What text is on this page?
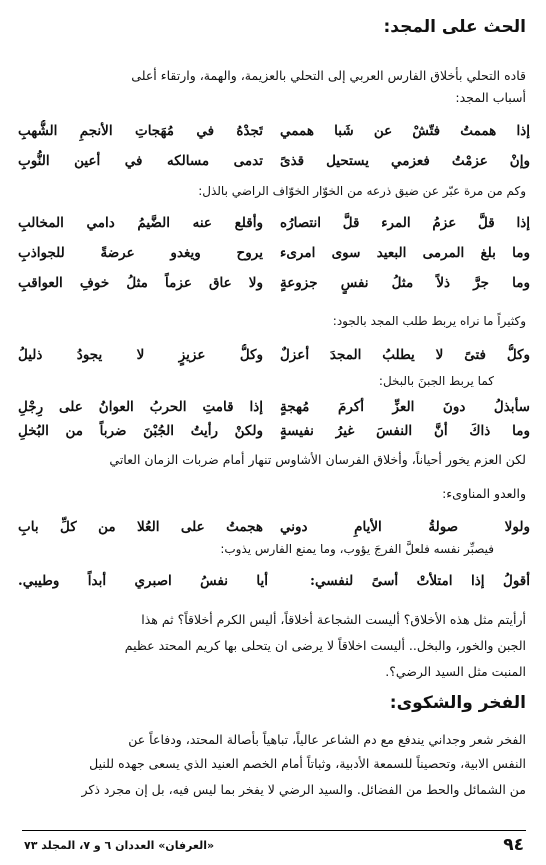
الحث على المجد:
قاده التحلي بأخلاق الفارس العربي إلى التحلي بالعزيمة، والهمة، وارتقاء أعلى
أسباب المجد:
إذا هممتُ فتّشْ عن شَبا هممي
تَجدْهُ في مُهَجاتِ الأنجمِ الشُّهبِ
وإنْ عزمْتُ فعزمي يستحيل قذىً
تدمى مسالكه في أعين النُّوبِ
وكم من مرة عبّر عن ضيق ذرعه من الخوّار الخوّاف الراضي بالذل:
إذا قلَّ عزمُ المرء قلَّ انتصارُه
وأقلع عنه الضَّيمُ دامي المخالبِ
وما بلغ المرمى البعيد سوى امرىء
يروح ويغدو عرضةً للجواذبِ
وما جرَّ ذلاً مثلُ نفسٍ جزوعةٍ
ولا عاق عزماً مثلُ خوفِ العواقبِ
وكثيراً ما نراه يربط طلب المجد بالجود:
وكلُّ فتىً لا يطلبُ المجدَ أعزلٌ
وكلُّ عزيزٍ لا يجودُ ذليلُ
كما يربط الجبنَ بالبخل:
سأبذلُ دونَ العزِّ أكرمَ مُهجةٍ
إذا قامتِ الحربُ العوانُ على رِجْلِ
وما ذاكَ أنَّ النفسَ غيرُ نفيسةٍ
ولكنْ رأيتُ الجُبْنَ ضرباً من البُخلِ
لكن العزم يخور أحياناً، وأخلاق الفرسان الأشاوس تنهار أمام ضربات الزمان العاتي
والعدو المناوىء:
ولولا صولةُ الأيامِ دوني
هجمتُ على العُلا من كلِّ بابِ
فيصبِّر نفسه فلعلَّ الفرجَ يؤوب، وما يمنع الفارس يذوب:
أقولُ إذا امتلأتْ أسىً لنفسي:
أيا نفسُ اصبري أبداً وطيبي.
أرأيتم مثل هذه الأخلاق؟ أليست الشجاعة أخلاقاً، أليس الكرم أخلاقاً؟ ثم هذا
الجبن والخور، والبخل.. أليست اخلاقاً لا يرضى ان يتحلى بها كريم المحتد عظيم
المنبت مثل السيد الرضي؟.
الفخر والشكوى:
الفخر شعر وجداني يندفع مع دم الشاعر عالياً، تباهياً بأصالة المحتد، ودفاعاً عن
النفس الابية، وتحصيناً للسمعة الأدبية، وثباتاً أمام الخصم العنيد الذي يسعى جهده للنيل
من الشمائل والحط من الفضائل. والسيد الرضي لا يفخر بما ليس فيه، بل إن مجرد ذكر
٩٤
«العرفان» العددان ٦ و ٧، المجلد ٧٣
